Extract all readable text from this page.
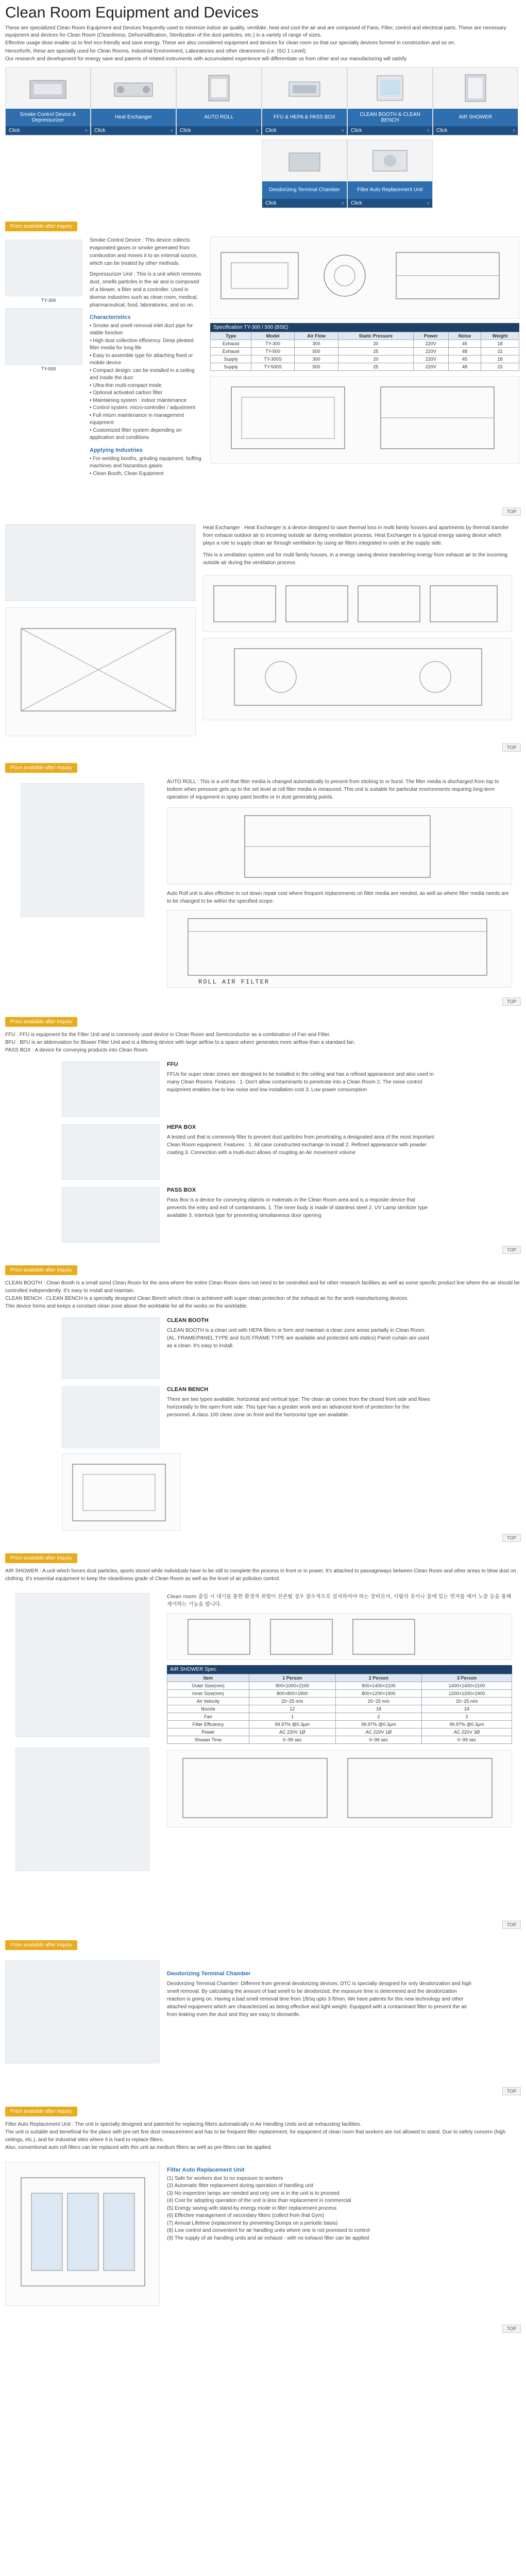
Clean Room Equipment and Devices

These are specialized Clean Room Equipment and Devices frequently used to minimize indoor air quality, ventilate, heat and cool the air and are composed of Fans, Filter, control and electrical parts. These are necessary equipment and devices for Clean Room (Cleanliness, Dehumidification, Sterilization of the dust particles, etc.) in a variety of range of sizes.

Effective usage dose enable us to feel eco-friendly and save energy. These are also considered equipment and devices for clean room so that our specialty devices formed in construction and so on.

Henceforth, these are specially used for Clean Rooms, Industrial Environment, Laboratories and other cleanrooms (i.e. ISO 1 Level).

Our research and development for energy save and patents of related instruments with accumulated experience will differentiate us from other and our manufacturing will satisfy.

Smoke Control Device & Depressurizer
Click	›
Heat Exchanger
Click	›
AUTO ROLL
Click	›
FFU & HEPA & PASS BOX
Click	›
CLEAN BOOTH & CLEAN BENCH
Click	›
AIR SHOWER
Click	›
Deodorizing Terminal Chamber
Click	›
Filter Auto Replacement Unit
Click	›
Price available after inquiry
TY-300
TY-500

Smoke Control Device : This device collects evaporated gases or smoke generated from combustion and moves it to an external source, which can be treated by other methods.

Depressurizer Unit : This is a unit which removes dust, smells particles in the air and is composed of a blower, a filter and a controller. Used in diverse industries such as clean room, medical, pharmaceutical, food, laboratories, and so on.

Characteristics
• Smoke and smell removal inlet duct pipe for stable function
• High dust collection efficiency. Deep pleated filter media for long life
• Easy to assemble type for attaching fixed or mobile device
• Compact design: can be installed in a ceiling and inside the duct
• Ultra-thin multi-compact mode
• Optional activated carbon filter
• Maintaining system : indoor maintenance
• Control system: micro-controller / adjustment
• Full return maintenance in management equipment
• Customized filter system depending on application and conditions
Applying Industries
• For welding booths, grinding equipment, buffing machines and hazardous gases
• Clean Booth, Clean Equipment
Specification TY-300 / 500 (BSE)
Type	Model	Air Flow	Static Pressure	Power	Noise	Weight
Exhaust	TY-300	300	20	220V	45	18
Exhaust	TY-500	500	25	220V	48	22
Supply	TY-300S	300	20	220V	45	18
Supply	TY-500S	500	25	220V	48	23
TOP

Heat Exchanger : Heat Exchanger is a device designed to save thermal loss in multi family houses and apartments by thermal transfer from exhaust outdoor air to incoming outside air during ventilation process. Heat Exchanger is a typical energy saving device which plays a role to supply clean air through ventilation by using air filters integrated in units at the supply side.

This is a ventilation system unit for multi family houses, in a energy saving device transferring energy from exhaust air to the incoming outside air during the ventilation process.

TOP
Price available after inquiry

AUTO ROLL : This is a unit that filter media is changed automatically to prevent from sticking to or burst. The filter media is discharged from top to bottom when pressure gets up to the set level at roll filter media is measured. This unit is suitable for particular environments requiring long-term operation of equipment in spray paint booths or in dust generating points.

Auto Roll unit is also effective to cut down repair cost where frequent replacements on filter media are needed, as well as where filter media needs are to be changed to be within the specified scope.

ROLL AIR FILTER
TOP
Price available after inquiry

FFU : FFU is equipment for the Filter Unit and is commonly used device in Clean Room and Semiconductor as a combination of Fan and Filter.

BFU : BFU is an abbreviation for Blower Filter Unit and is a filtering device with large airflow to a space where generates more airflow than a standard fan.

PASS BOX : A device for conveying products into Clean Room.

FFU

FFUs for super clean zones are designed to be installed in the ceiling and has a refined appearance and also used in many Clean Rooms. Features : 1. Don't allow contaminants to penetrate into a Clean Room 2. The noise control equipment enables low to low noise and low installation cost 3. Low power consumption

HEPA BOX

A tested unit that is commonly filter to prevent dust particles from penetrating a designated area of the most important Clean Room equipment. Features : 1. All case constructed exchange to install 2. Refined appearance with powder coating 3. Connection with a multi-duct allows of coupling an Air movement volume

PASS BOX

Pass Box is a device for conveying objects or materials in the Clean Room area and is a requisite device that prevents the entry and exit of contaminants. 1. The inner body is made of stainless steel 2. UV Lamp sterilizer type available 3. Interlock type for preventing simultaneous door opening

TOP
Price available after inquiry

CLEAN BOOTH : Clean Booth is a small sized Clean Room for the area where the entire Clean Room does not need to be controlled and for other research facilities as well as some specific product line where the air should be controlled independently. It's easy to install and maintain.

CLEAN BENCH : CLEAN BENCH is a specially designed Clean Bench which clean is achieved with super clean protection of the exhaust air for the work manufacturing devices.

This device forms and keeps a constant clean zone above the worktable for all the works on the worktable.

CLEAN BOOTH

CLEAN BOOTH is a clean unit with HEPA filters or form and maintain a clean zone areas partially in Clean Room. (AL. FRAME/PANEL TYPE and SUS FRAME TYPE are available and protected anti-statics) Panel curtain are used as a clean. It's easy to install.

CLEAN BENCH

There are two types available, horizontal and vertical type. The clean air comes from the closed front side and flows horizontally to the open front side. This type has a greater work and an advanced level of protection for the personnel. A class 100 clean zone on front and the horizontal type are available.

TOP
Price available after inquiry

AIR SHOWER : A unit which forces dust particles, sports stored while individuals have to be still to complete the process in front or in power. It's attached to passageways between Clean Room and other areas to blow dust on clothing. It's essential equipment to keep the cleanliness grade of Clean Room as well as the level of air pollution control.

Clean room 출입 시 대기를 통한 환경적 위험이 잔존될 경우 필수적으로 설치하여야 하는 장비로서, 사람의 옷이나 몸에 있는 먼지를 에어 노즐 등을 통해 제거하는 기능을 합니다.

AIR SHOWER Spec
Item	1 Person	2 Person	3 Person
Outer Size(mm)	900×1000×2100	900×1400×2100	1400×1400×2100
Inner Size(mm)	800×800×1900	800×1200×1900	1200×1200×1900
Air Velocity	20~25 m/s	20~25 m/s	20~25 m/s
Nozzle	12	18	24
Fan	1	2	2
Filter Efficiency	99.97% @0.3μm	99.97% @0.3μm	99.97% @0.3μm
Power	AC 220V 1Ø	AC 220V 1Ø	AC 220V 3Ø
Shower Time	0~99 sec	0~99 sec	0~99 sec
TOP
Price available after inquiry
Deodorizing Terminal Chamber

Deodorizing Terminal Chamber: Different from general deodorizing devices, DTC is specially designed for only deodorization and high smell removal. By calculating the amount of bad smell to be deodorized, the exposure time is determined and the deodorization reaction is going on. Having a bad smell removal time from 1ft/sq upto 3 ft/min. We have patents for this new technology and other attached equipment which are characterized as being effective and light weight. Equipped with a contaminant filter to prevent the air from leaking even the dust and they are easy to dismantle.

TOP
Price available after inquiry

Filter Auto Replacement Unit : The unit is specially designed and patented for replacing filters automatically in Air Handling Units and air exhausting facilities.

The unit is suitable and beneficial for the place with pre-set fine dust measurement and has to be frequent filter replacement, for equipment of clean room that workers are not allowed to stand. Due to safety concern (high ceilings, etc.), and for industrial sites where it is hard to replace filters.

Also, conventional auto roll filters can be replaced with this unit as medium filters as well as pre-filters can be applied.

Filter Auto Replacement Unit
(1) Safe for workers due to no exposure to workers
(2) Automatic filter replacement during operation of handling unit
(3) No inspection lamps are needed and only one is in the unit is to proceed
(4) Cost for adopting operation of the unit is less than replacement in commercial
(5) Energy saving with stand-by energy mode in filter replacement process
(6) Effective management of secondary filters (collect from that Gym)
(7) Annual Lifetime (replacement by preventing Dumps on a periodic basis)
(8) Low control and convenient for air handling units where one is not promised to control
(9) The supply of air handling units and air exhaust - with no exhaust filter can be applied
TOP
